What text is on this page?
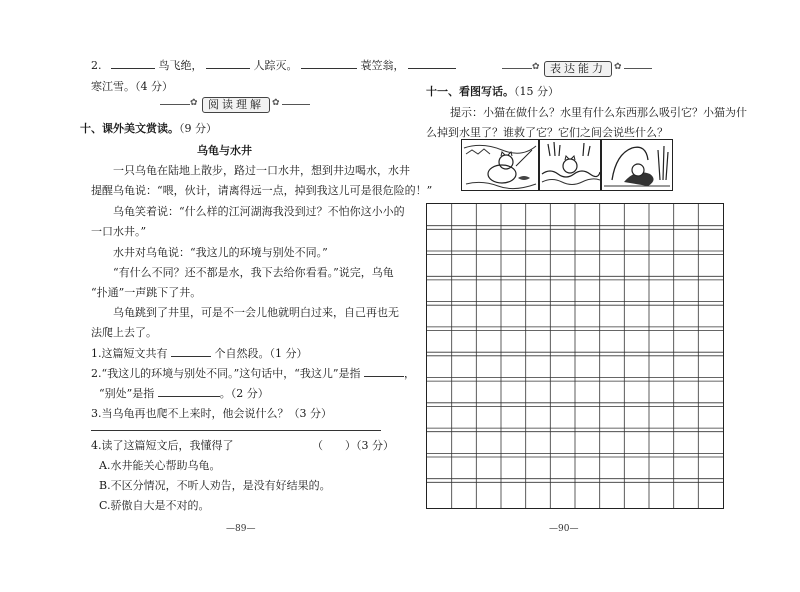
2.	鸟飞绝，	人踪灭。	蓑笠翁，
寒江雪。（4 分）
✿ 阅读理解 ✿
十、课外美文赏读。（9 分）
乌龟与水井
一只乌龟在陆地上散步，路过一口水井，想到井边喝水，水井
提醒乌龟说：“喂，伙计，请离得远一点，掉到我这儿可是很危险的！”
乌龟笑着说：“什么样的江河湖海我没到过？不怕你这小小的
一口水井。”
水井对乌龟说：“我这儿的环境与别处不同。”
“有什么不同？还不都是水，我下去给你看看。”说完，乌龟
“扑通”一声跳下了井。
乌龟跳到了井里，可是不一会儿他就明白过来，自己再也无
法爬上去了。
1.这篇短文共有	个自然段。（1 分）
2.“我这儿的环境与别处不同。”这句话中，“我这儿”是指	，
“别处”是指	。（2 分）
3.当乌龟再也爬不上来时，他会说什么？（3 分）
4.读了这篇短文后，我懂得了	（　　）（3 分）
A.水井能关心帮助乌龟。
B.不区分情况，不听人劝告，是没有好结果的。
C.骄傲自大是不对的。
—89—
✿ 表达能力 ✿
十一、看图写话。（15 分）
提示：小猫在做什么？水里有什么东西那么吸引它？小猫为什
么掉到水里了？谁救了它？它们之间会说些什么？
—90—
